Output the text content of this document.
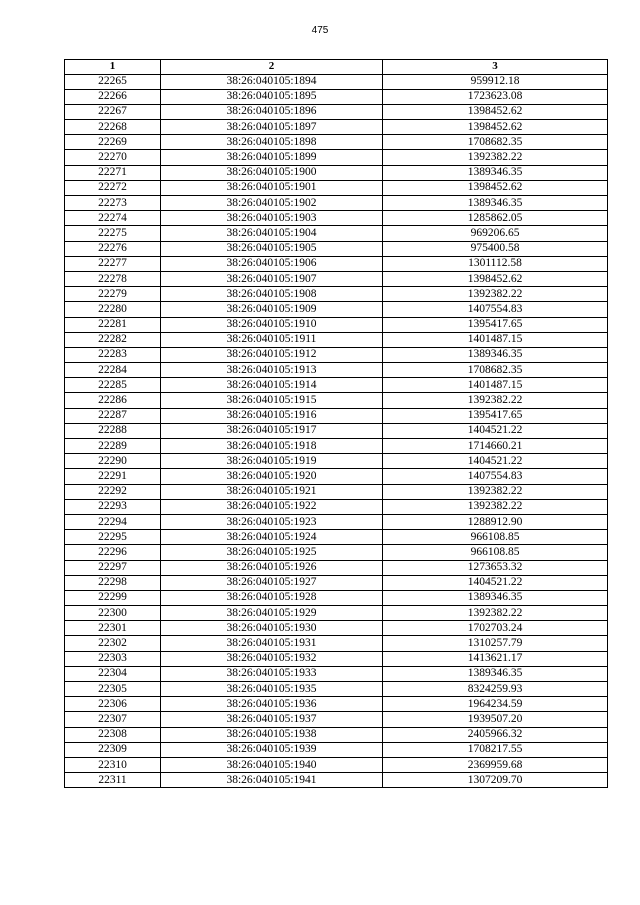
475
1	2	3
22265	38:26:040105:1894	959912.18
22266	38:26:040105:1895	1723623.08
22267	38:26:040105:1896	1398452.62
22268	38:26:040105:1897	1398452.62
22269	38:26:040105:1898	1708682.35
22270	38:26:040105:1899	1392382.22
22271	38:26:040105:1900	1389346.35
22272	38:26:040105:1901	1398452.62
22273	38:26:040105:1902	1389346.35
22274	38:26:040105:1903	1285862.05
22275	38:26:040105:1904	969206.65
22276	38:26:040105:1905	975400.58
22277	38:26:040105:1906	1301112.58
22278	38:26:040105:1907	1398452.62
22279	38:26:040105:1908	1392382.22
22280	38:26:040105:1909	1407554.83
22281	38:26:040105:1910	1395417.65
22282	38:26:040105:1911	1401487.15
22283	38:26:040105:1912	1389346.35
22284	38:26:040105:1913	1708682.35
22285	38:26:040105:1914	1401487.15
22286	38:26:040105:1915	1392382.22
22287	38:26:040105:1916	1395417.65
22288	38:26:040105:1917	1404521.22
22289	38:26:040105:1918	1714660.21
22290	38:26:040105:1919	1404521.22
22291	38:26:040105:1920	1407554.83
22292	38:26:040105:1921	1392382.22
22293	38:26:040105:1922	1392382.22
22294	38:26:040105:1923	1288912.90
22295	38:26:040105:1924	966108.85
22296	38:26:040105:1925	966108.85
22297	38:26:040105:1926	1273653.32
22298	38:26:040105:1927	1404521.22
22299	38:26:040105:1928	1389346.35
22300	38:26:040105:1929	1392382.22
22301	38:26:040105:1930	1702703.24
22302	38:26:040105:1931	1310257.79
22303	38:26:040105:1932	1413621.17
22304	38:26:040105:1933	1389346.35
22305	38:26:040105:1935	8324259.93
22306	38:26:040105:1936	1964234.59
22307	38:26:040105:1937	1939507.20
22308	38:26:040105:1938	2405966.32
22309	38:26:040105:1939	1708217.55
22310	38:26:040105:1940	2369959.68
22311	38:26:040105:1941	1307209.70
